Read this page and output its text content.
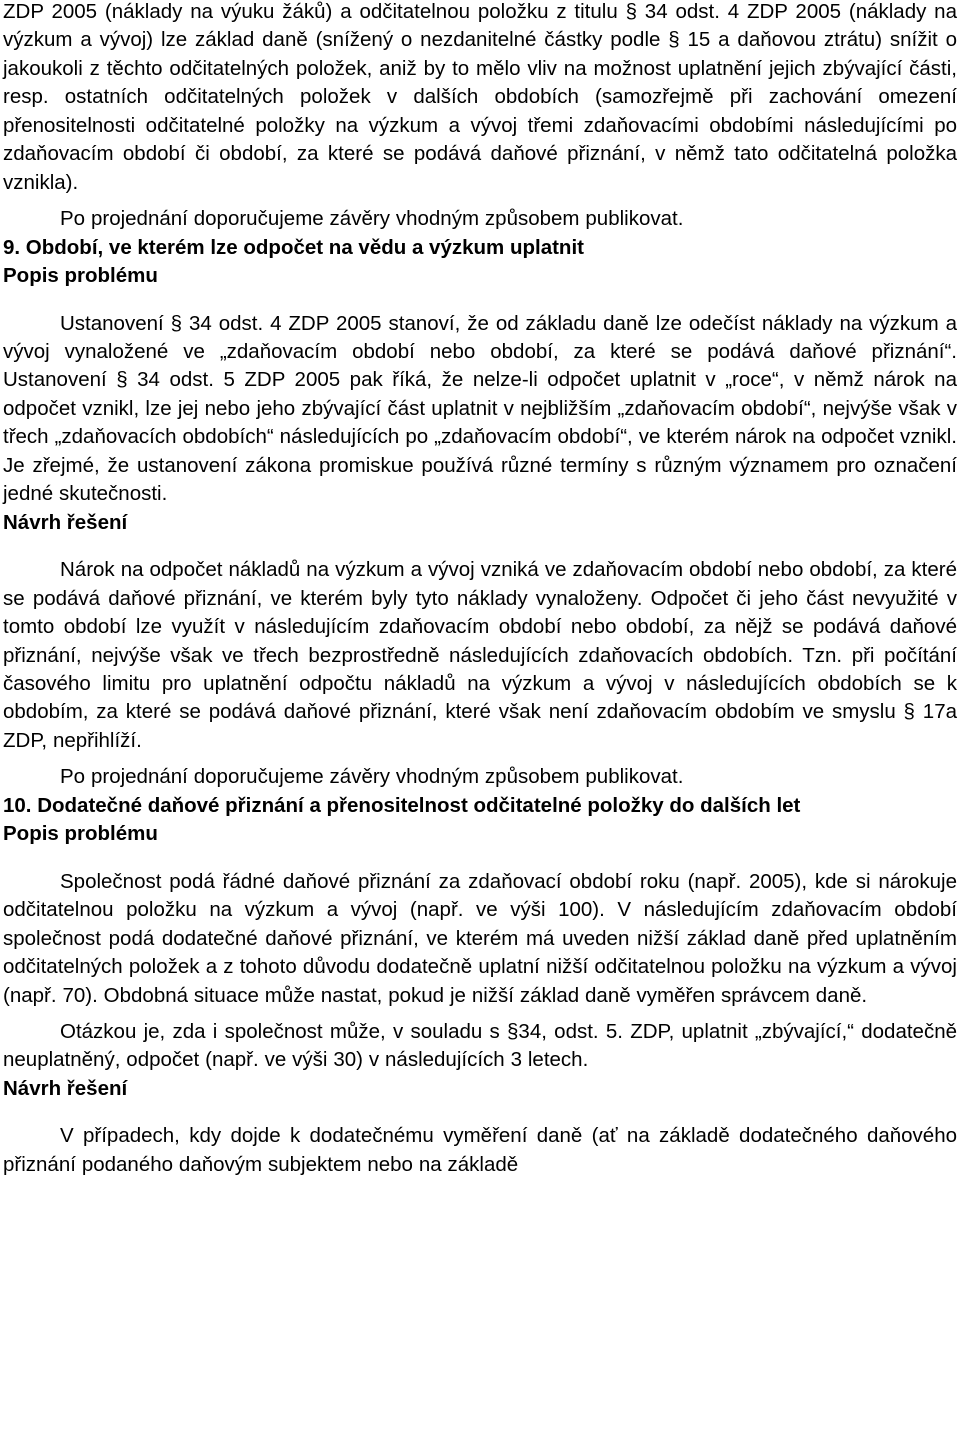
ZDP 2005 (náklady na výuku žáků) a odčitatelnou položku z titulu § 34 odst. 4 ZDP 2005 (náklady na výzkum a vývoj) lze základ daně (snížený o nezdanitelné částky podle § 15 a daňovou ztrátu) snížit o jakoukoli z těchto odčitatelných položek, aniž by to mělo vliv na možnost uplatnění jejich zbývající části, resp. ostatních odčitatelných položek v dalších obdobích (samozřejmě při zachování omezení přenositelnosti odčitatelné položky na výzkum a vývoj třemi zdaňovacími obdobími následujícími po zdaňovacím období či období, za které se podává daňové přiznání, v němž tato odčitatelná položka vznikla).

Po projednání doporučujeme závěry vhodným způsobem publikovat.

9. Období, ve kterém lze odpočet na vědu a výzkum uplatnit

Popis problému

Ustanovení § 34 odst. 4 ZDP 2005 stanoví, že od základu daně lze odečíst náklady na výzkum a vývoj vynaložené ve „zdaňovacím období nebo období, za které se podává daňové přiznání“. Ustanovení § 34 odst. 5 ZDP 2005 pak říká, že nelze-li odpočet uplatnit v „roce“, v němž nárok na odpočet vznikl, lze jej nebo jeho zbývající část uplatnit v nejbližším „zdaňovacím období“, nejvýše však v třech „zdaňovacích obdobích“ následujících po „zdaňovacím období“, ve kterém nárok na odpočet vznikl. Je zřejmé, že ustanovení zákona promiskue používá různé termíny s různým významem pro označení jedné skutečnosti.

Návrh řešení

Nárok na odpočet nákladů na výzkum a vývoj vzniká ve zdaňovacím období nebo období, za které se podává daňové přiznání, ve kterém byly tyto náklady vynaloženy. Odpočet či jeho část nevyužité v tomto období lze využít v následujícím zdaňovacím období nebo období, za nějž se podává daňové přiznání, nejvýše však ve třech bezprostředně následujících zdaňovacích obdobích. Tzn. při počítání časového limitu pro uplatnění odpočtu nákladů na výzkum a vývoj v následujících obdobích se k obdobím, za které se podává daňové přiznání, které však není zdaňovacím obdobím ve smyslu § 17a ZDP, nepřihlíží.

Po projednání doporučujeme závěry vhodným způsobem publikovat.

10. Dodatečné daňové přiznání a přenositelnost odčitatelné položky do dalších let

Popis problému

Společnost podá řádné daňové přiznání za zdaňovací období roku (např. 2005), kde si nárokuje odčitatelnou položku na výzkum a vývoj (např. ve výši 100). V následujícím zdaňovacím období společnost podá dodatečné daňové přiznání, ve kterém má uveden nižší základ daně před uplatněním odčitatelných položek a z tohoto důvodu dodatečně uplatní nižší odčitatelnou položku na výzkum a vývoj (např. 70). Obdobná situace může nastat, pokud je nižší základ daně vyměřen správcem daně.

Otázkou je, zda i společnost může, v souladu s §34, odst. 5. ZDP, uplatnit „zbývající,“ dodatečně neuplatněný, odpočet (např. ve výši 30) v následujících 3 letech.

Návrh řešení

V případech, kdy dojde k dodatečnému vyměření daně (ať na základě dodatečného daňového přiznání podaného daňovým subjektem nebo na základě
